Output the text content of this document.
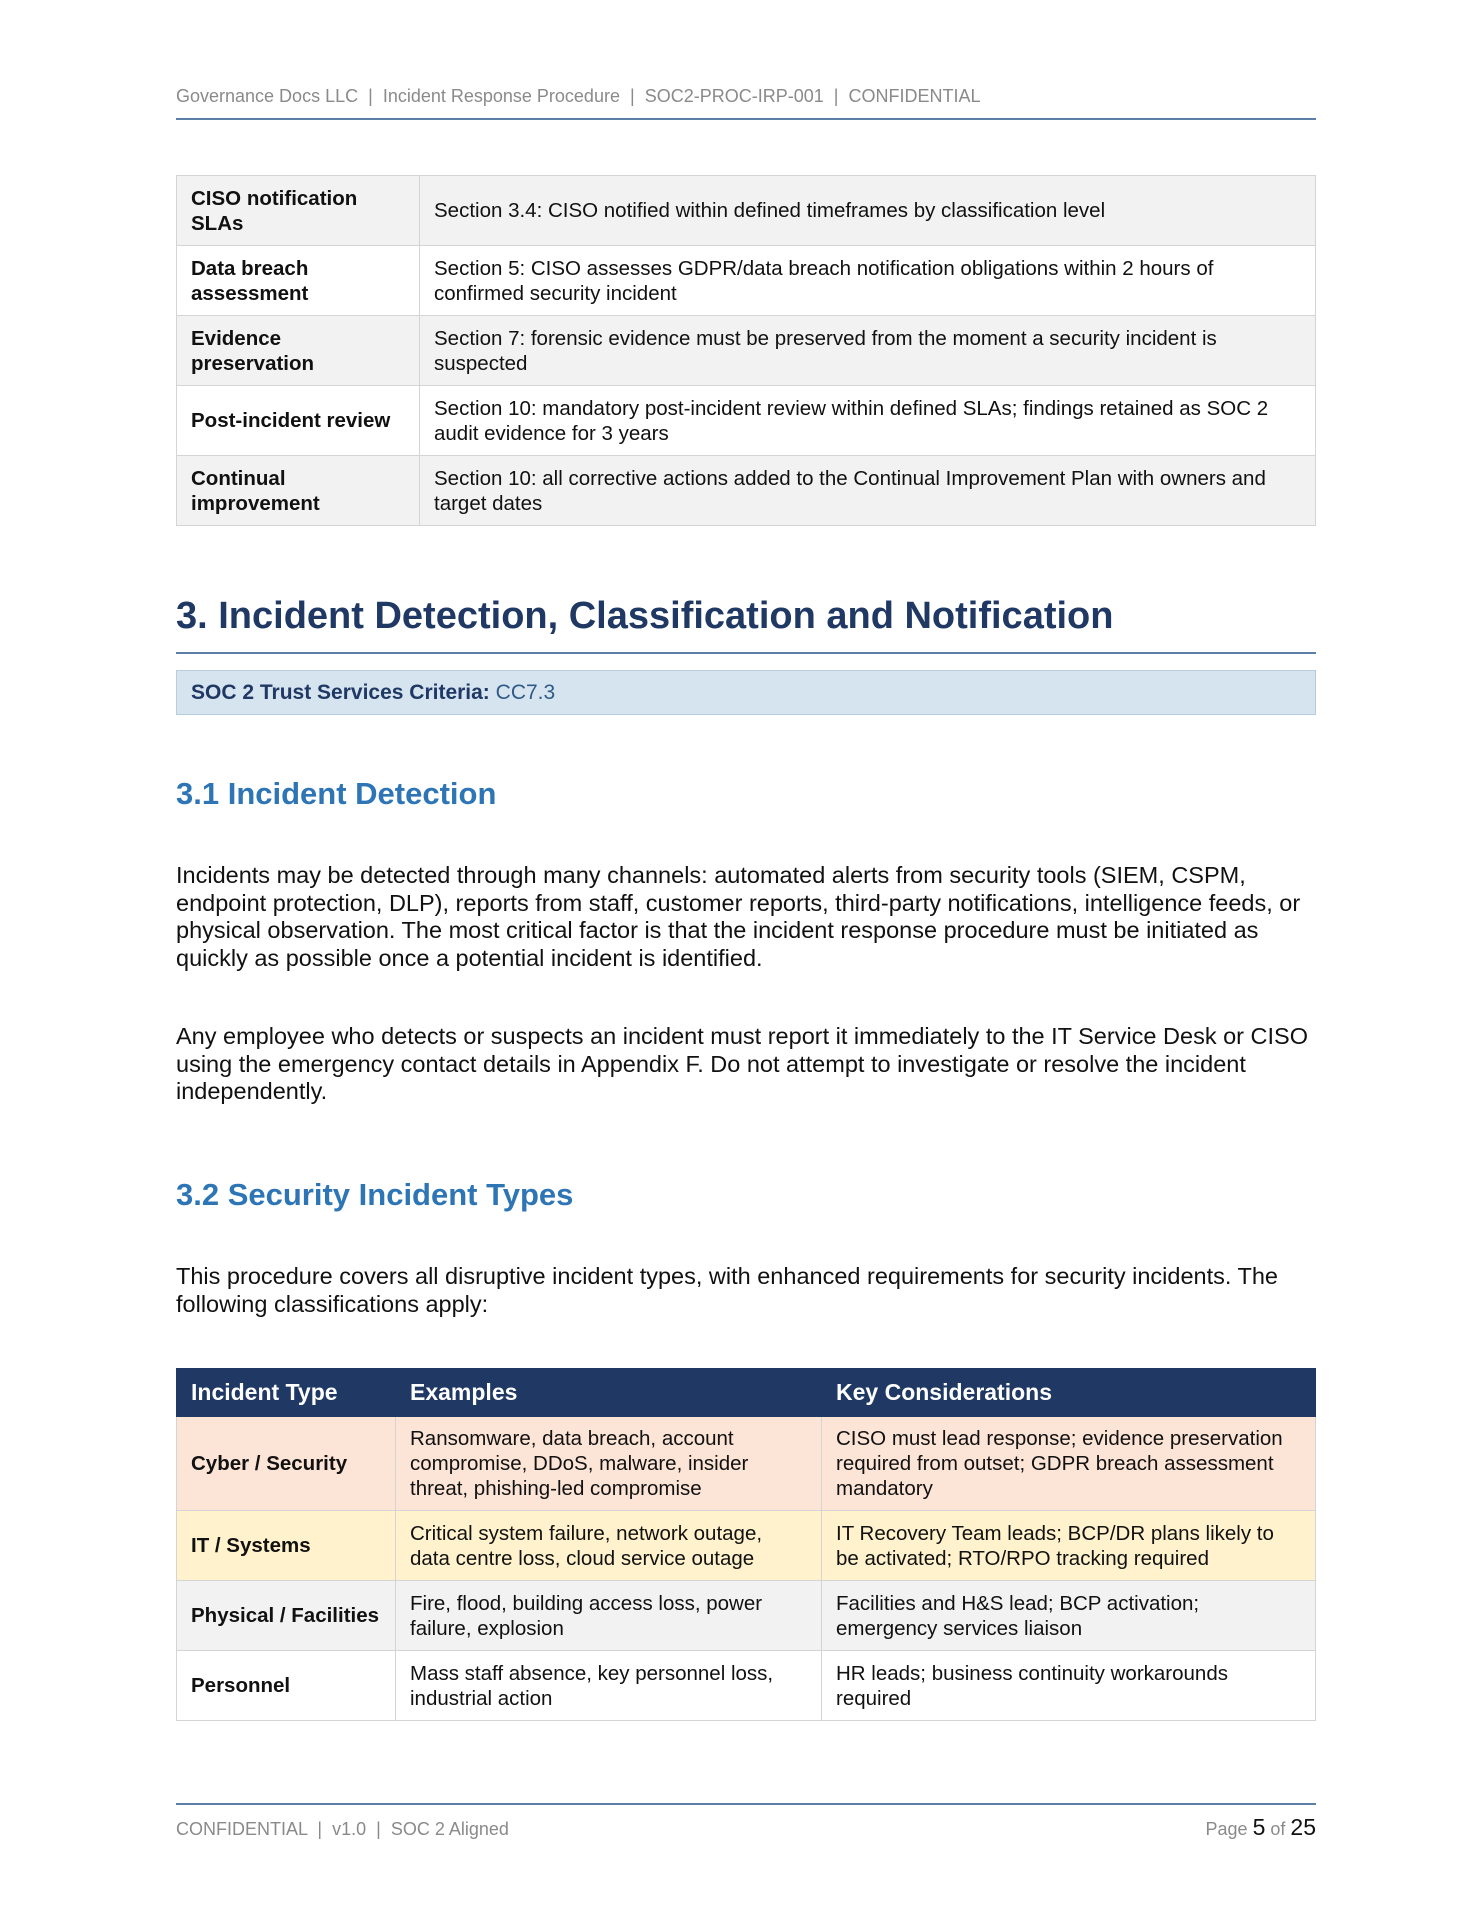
Governance Docs LLC | Incident Response Procedure | SOC2-PROC-IRP-001 | CONFIDENTIAL
CISO notification SLAs	Section 3.4: CISO notified within defined timeframes by classification level
Data breach assessment	Section 5: CISO assesses GDPR/data breach notification obligations within 2 hours of confirmed security incident
Evidence preservation	Section 7: forensic evidence must be preserved from the moment a security incident is suspected
Post-incident review	Section 10: mandatory post-incident review within defined SLAs; findings retained as SOC 2 audit evidence for 3 years
Continual improvement	Section 10: all corrective actions added to the Continual Improvement Plan with owners and target dates
3. Incident Detection, Classification and Notification
SOC 2 Trust Services Criteria: CC7.3
3.1 Incident Detection

Incidents may be detected through many channels: automated alerts from security tools (SIEM, CSPM, endpoint protection, DLP), reports from staff, customer reports, third-party notifications, intelligence feeds, or physical observation. The most critical factor is that the incident response procedure must be initiated as quickly as possible once a potential incident is identified.

Any employee who detects or suspects an incident must report it immediately to the IT Service Desk or CISO using the emergency contact details in Appendix F. Do not attempt to investigate or resolve the incident independently.

3.2 Security Incident Types

This procedure covers all disruptive incident types, with enhanced requirements for security incidents. The following classifications apply:

Incident Type	Examples	Key Considerations
Cyber / Security	Ransomware, data breach, account compromise, DDoS, malware, insider threat, phishing-led compromise	CISO must lead response; evidence preservation required from outset; GDPR breach assessment mandatory
IT / Systems	Critical system failure, network outage, data centre loss, cloud service outage	IT Recovery Team leads; BCP/DR plans likely to be activated; RTO/RPO tracking required
Physical / Facilities	Fire, flood, building access loss, power failure, explosion	Facilities and H&S lead; BCP activation; emergency services liaison
Personnel	Mass staff absence, key personnel loss, industrial action	HR leads; business continuity workarounds required
CONFIDENTIAL | v1.0 | SOC 2 Aligned	Page 5 of 25
